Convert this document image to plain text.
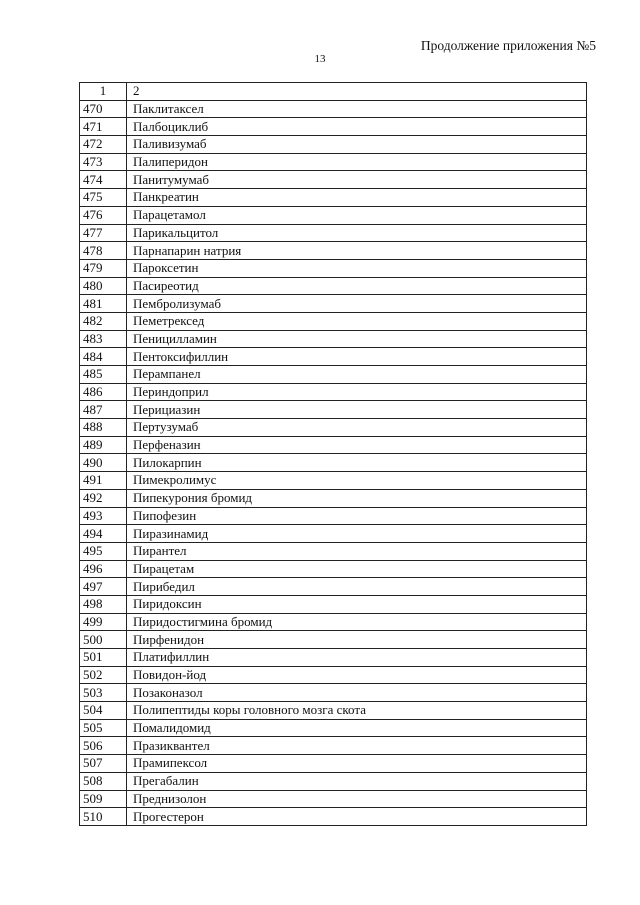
Продолжение приложения №5
13
1	2
470	Паклитаксел
471	Палбоциклиб
472	Паливизумаб
473	Палиперидон
474	Панитумумаб
475	Панкреатин
476	Парацетамол
477	Парикальцитол
478	Парнапарин натрия
479	Пароксетин
480	Пасиреотид
481	Пембролизумаб
482	Пеметрексед
483	Пеницилламин
484	Пентоксифиллин
485	Перампанел
486	Периндоприл
487	Перициазин
488	Пертузумаб
489	Перфеназин
490	Пилокарпин
491	Пимекролимус
492	Пипекурония бромид
493	Пипофезин
494	Пиразинамид
495	Пирантел
496	Пирацетам
497	Пирибедил
498	Пиридоксин
499	Пиридостигмина бромид
500	Пирфенидон
501	Платифиллин
502	Повидон-йод
503	Позаконазол
504	Полипептиды коры головного мозга скота
505	Помалидомид
506	Празиквантел
507	Прамипексол
508	Прегабалин
509	Преднизолон
510	Прогестерон
